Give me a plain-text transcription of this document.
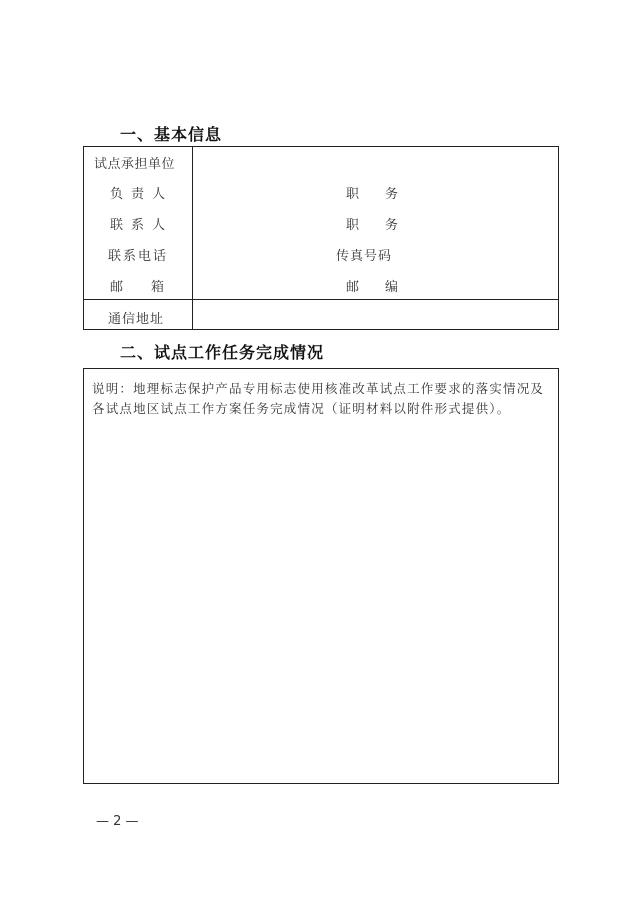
一、基本信息
试点承担单位
负责人
联系人
联系电话
邮箱
通信地址
职务
职务
传真号码
邮编
二、试点工作任务完成情况
说明：地理标志保护产品专用标志使用核准改革试点工作要求的落实情况及各试点地区试点工作方案任务完成情况（证明材料以附件形式提供）。
— 2 —
